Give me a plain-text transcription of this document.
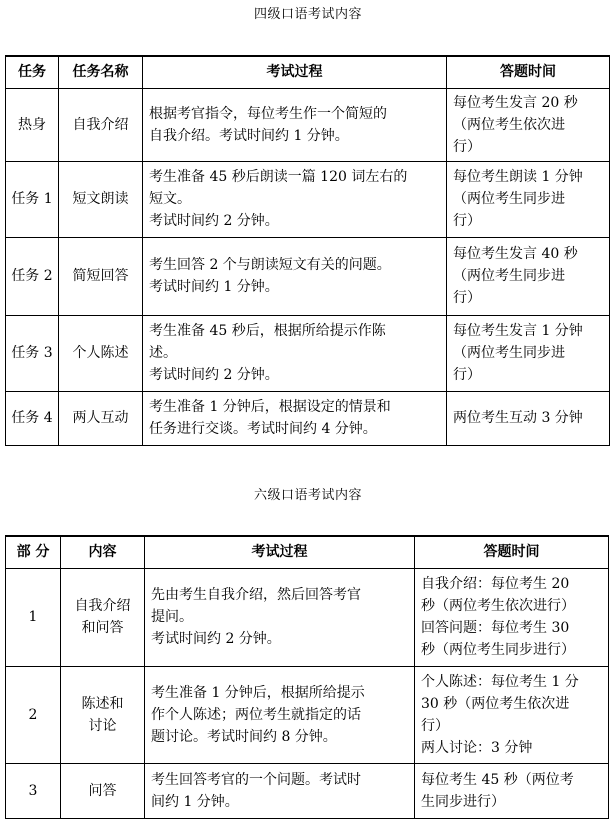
四级口语考试内容
任务	任务名称	考试过程	答题时间
热身	自我介绍	根据考官指令，每位考生作一个简短的
自我介绍。考试时间约 1 分钟。	每位考生发言 20 秒
（两位考生依次进
行）

任务 1	短文朗读	考生准备 45 秒后朗读一篇 120 词左右的
短文。
考试时间约 2 分钟。	每位考生朗读 1 分钟
（两位考生同步进
行）

任务 2	简短回答	考生回答 2 个与朗读短文有关的问题。
考试时间约 1 分钟。	每位考生发言 40 秒
（两位考生同步进
行）

任务 3	个人陈述	考生准备 45 秒后，根据所给提示作陈
述。
考试时间约 2 分钟。	每位考生发言 1 分钟
（两位考生同步进
行）

任务 4	两人互动	考生准备 1 分钟后，根据设定的情景和
任务进行交谈。考试时间约 4 分钟。	两位考生互动 3 分钟
六级口语考试内容
部 分	内容	考试过程	答题时间
1	自我介绍
和问答	先由考生自我介绍，然后回答考官
提问。
考试时间约 2 分钟。	自我介绍：每位考生 20
秒（两位考生依次进行）
回答问题：每位考生 30
秒（两位考生同步进行）

2	陈述和
讨论	考生准备 1 分钟后，根据所给提示
作个人陈述；两位考生就指定的话
题讨论。考试时间约 8 分钟。	个人陈述：每位考生 1 分
30 秒（两位考生依次进
行）
两人讨论：3 分钟

3	问答	考生回答考官的一个问题。考试时
间约 1 分钟。	每位考生 45 秒（两位考
生同步进行）
